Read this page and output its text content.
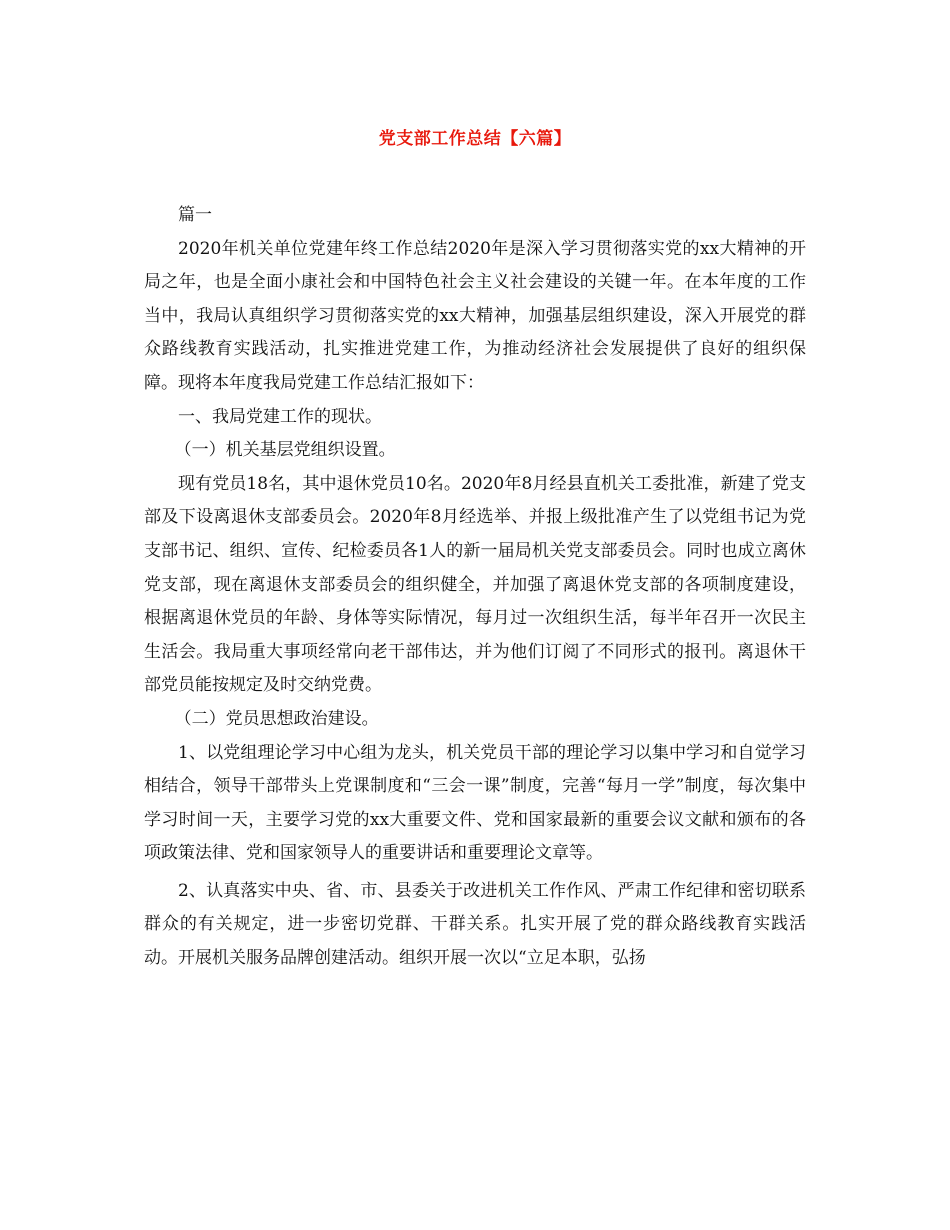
党支部工作总结【六篇】

篇一

2020年机关单位党建年终工作总结2020年是深入学习贯彻落实党的xx大精神的开局之年，也是全面小康社会和中国特色社会主义社会建设的关键一年。在本年度的工作当中，我局认真组织学习贯彻落实党的xx大精神，加强基层组织建设，深入开展党的群众路线教育实践活动，扎实推进党建工作，为推动经济社会发展提供了良好的组织保障。现将本年度我局党建工作总结汇报如下：

一、我局党建工作的现状。

（一）机关基层党组织设置。

现有党员18名，其中退休党员10名。2020年8月经县直机关工委批准，新建了党支部及下设离退休支部委员会。2020年8月经选举、并报上级批准产生了以党组书记为党支部书记、组织、宣传、纪检委员各1人的新一届局机关党支部委员会。同时也成立离休党支部，现在离退休支部委员会的组织健全，并加强了离退休党支部的各项制度建设，根据离退休党员的年龄、身体等实际情况，每月过一次组织生活，每半年召开一次民主生活会。我局重大事项经常向老干部伟达，并为他们订阅了不同形式的报刊。离退休干部党员能按规定及时交纳党费。

（二）党员思想政治建设。

1、以党组理论学习中心组为龙头，机关党员干部的理论学习以集中学习和自觉学习相结合，领导干部带头上党课制度和“三会一课”制度，完善“每月一学”制度，每次集中学习时间一天，主要学习党的xx大重要文件、党和国家最新的重要会议文献和颁布的各项政策法律、党和国家领导人的重要讲话和重要理论文章等。

2、认真落实中央、省、市、县委关于改进机关工作作风、严肃工作纪律和密切联系群众的有关规定，进一步密切党群、干群关系。扎实开展了党的群众路线教育实践活动。开展机关服务品牌创建活动。组织开展一次以“立足本职，弘扬
